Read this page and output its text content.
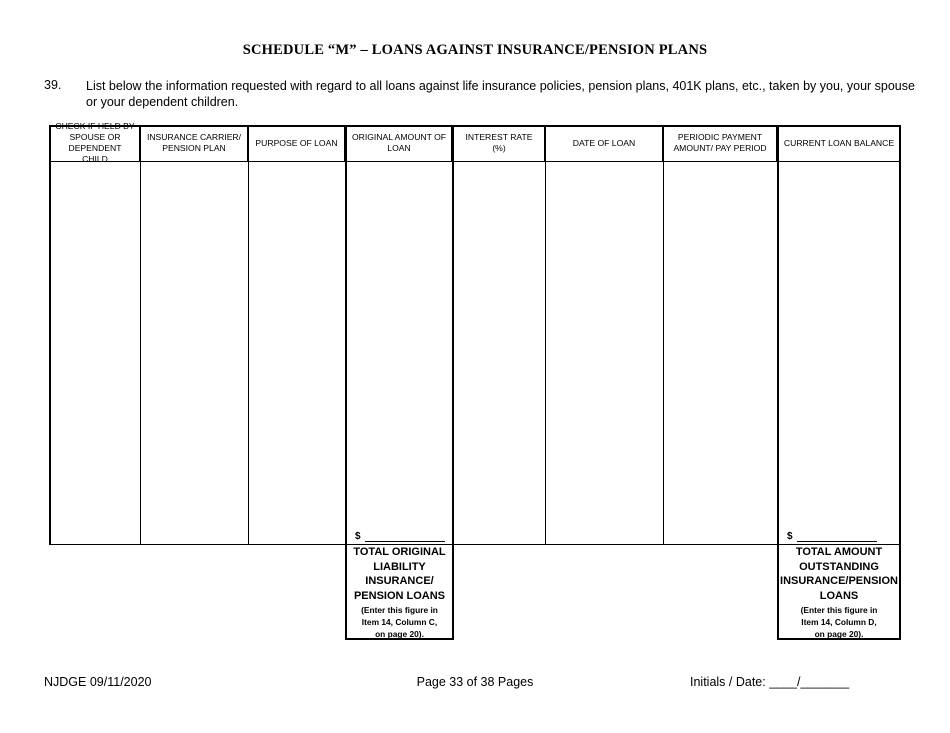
SCHEDULE “M” – LOANS AGAINST INSURANCE/PENSION PLANS
39. List below the information requested with regard to all loans against life insurance policies, pension plans, 401K plans, etc., taken by you, your spouse or your dependent children.
CHECK IF HELD BY SPOUSE OR DEPENDENT CHILD
INSURANCE CARRIER/ PENSION PLAN
PURPOSE OF LOAN
ORIGINAL AMOUNT OF LOAN
INTEREST RATE (%)
DATE OF LOAN
PERIODIC PAYMENT AMOUNT/ PAY PERIOD
CURRENT LOAN BALANCE
$
TOTAL ORIGINAL
LIABILITY
INSURANCE/
PENSION LOANS
(Enter this figure in
Item 14, Column C,
on page 20).
$
TOTAL AMOUNT
OUTSTANDING
INSURANCE/PENSION
LOANS
(Enter this figure in
Item 14, Column D,
on page 20).
NJDGE 09/11/2020	Page 33 of 38 Pages	Initials / Date: ____/_______
